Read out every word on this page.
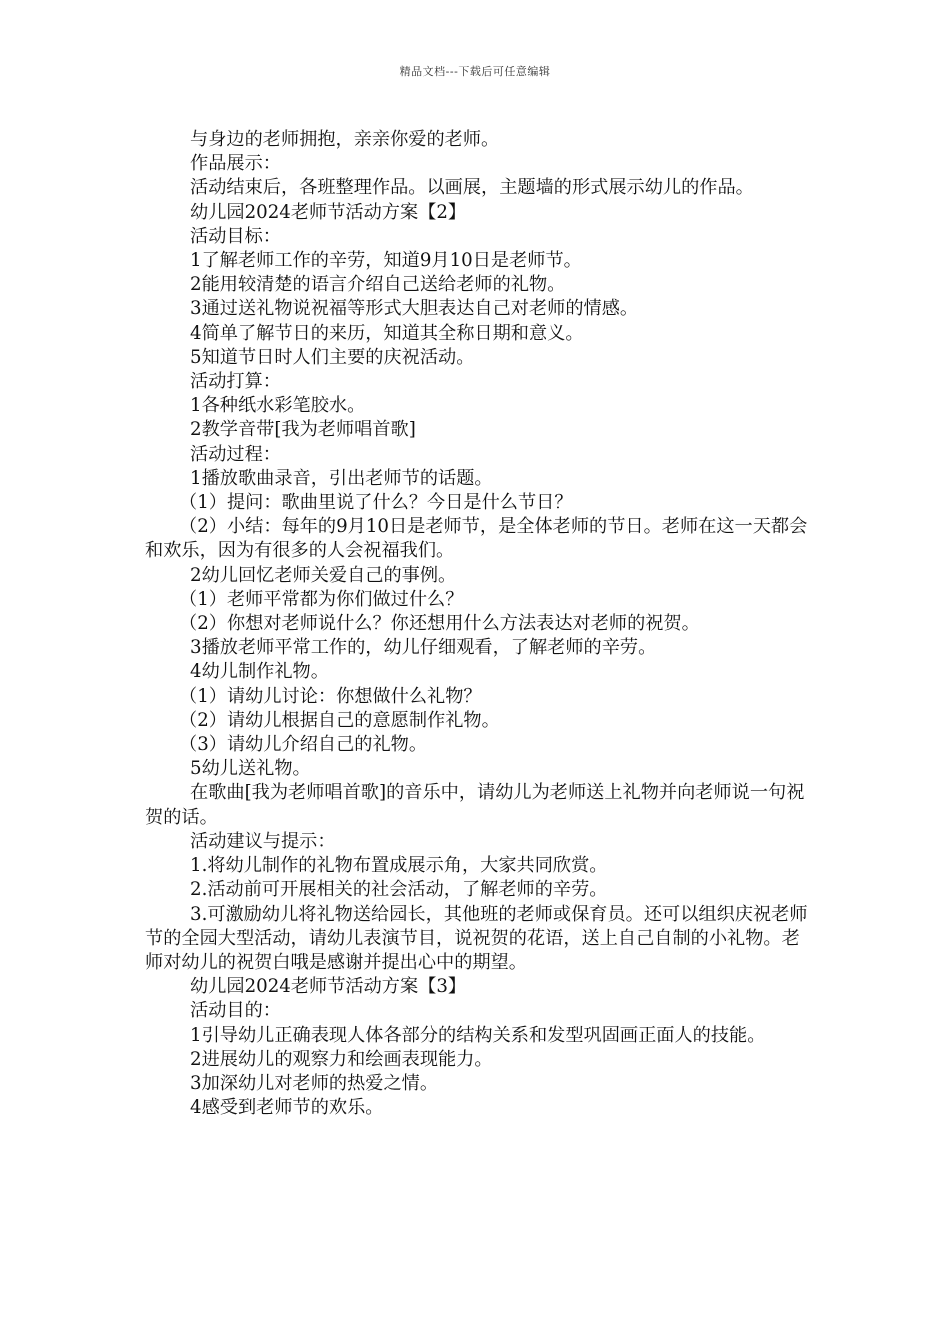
精品文档---下载后可任意编辑

与身边的老师拥抱，亲亲你爱的老师。

作品展示：

活动结束后，各班整理作品。以画展，主题墙的形式展示幼儿的作品。

幼儿园2024老师节活动方案【2】

活动目标：

1了解老师工作的辛劳，知道9月10日是老师节。

2能用较清楚的语言介绍自己送给老师的礼物。

3通过送礼物说祝福等形式大胆表达自己对老师的情感。

4简单了解节日的来历，知道其全称日期和意义。

5知道节日时人们主要的庆祝活动。

活动打算：

1各种纸水彩笔胶水。

2教学音带[我为老师唱首歌]

活动过程：

1播放歌曲录音，引出老师节的话题。

（1）提问：歌曲里说了什么？今日是什么节日？

（2）小结：每年的9月10日是老师节，是全体老师的节日。老师在这一天都会和欢乐，因为有很多的人会祝福我们。

2幼儿回忆老师关爱自己的事例。

（1）老师平常都为你们做过什么？

（2）你想对老师说什么？你还想用什么方法表达对老师的祝贺。

3播放老师平常工作的，幼儿仔细观看，了解老师的辛劳。

4幼儿制作礼物。

（1）请幼儿讨论：你想做什么礼物？

（2）请幼儿根据自己的意愿制作礼物。

（3）请幼儿介绍自己的礼物。

5幼儿送礼物。

在歌曲[我为老师唱首歌]的音乐中，请幼儿为老师送上礼物并向老师说一句祝贺的话。

活动建议与提示：

1.将幼儿制作的礼物布置成展示角，大家共同欣赏。

2.活动前可开展相关的社会活动，了解老师的辛劳。

3.可激励幼儿将礼物送给园长，其他班的老师或保育员。还可以组织庆祝老师节的全园大型活动，请幼儿表演节目，说祝贺的花语，送上自己自制的小礼物。老师对幼儿的祝贺白哦是感谢并提出心中的期望。

幼儿园2024老师节活动方案【3】

活动目的：

1引导幼儿正确表现人体各部分的结构关系和发型巩固画正面人的技能。

2进展幼儿的观察力和绘画表现能力。

3加深幼儿对老师的热爱之情。

4感受到老师节的欢乐。
